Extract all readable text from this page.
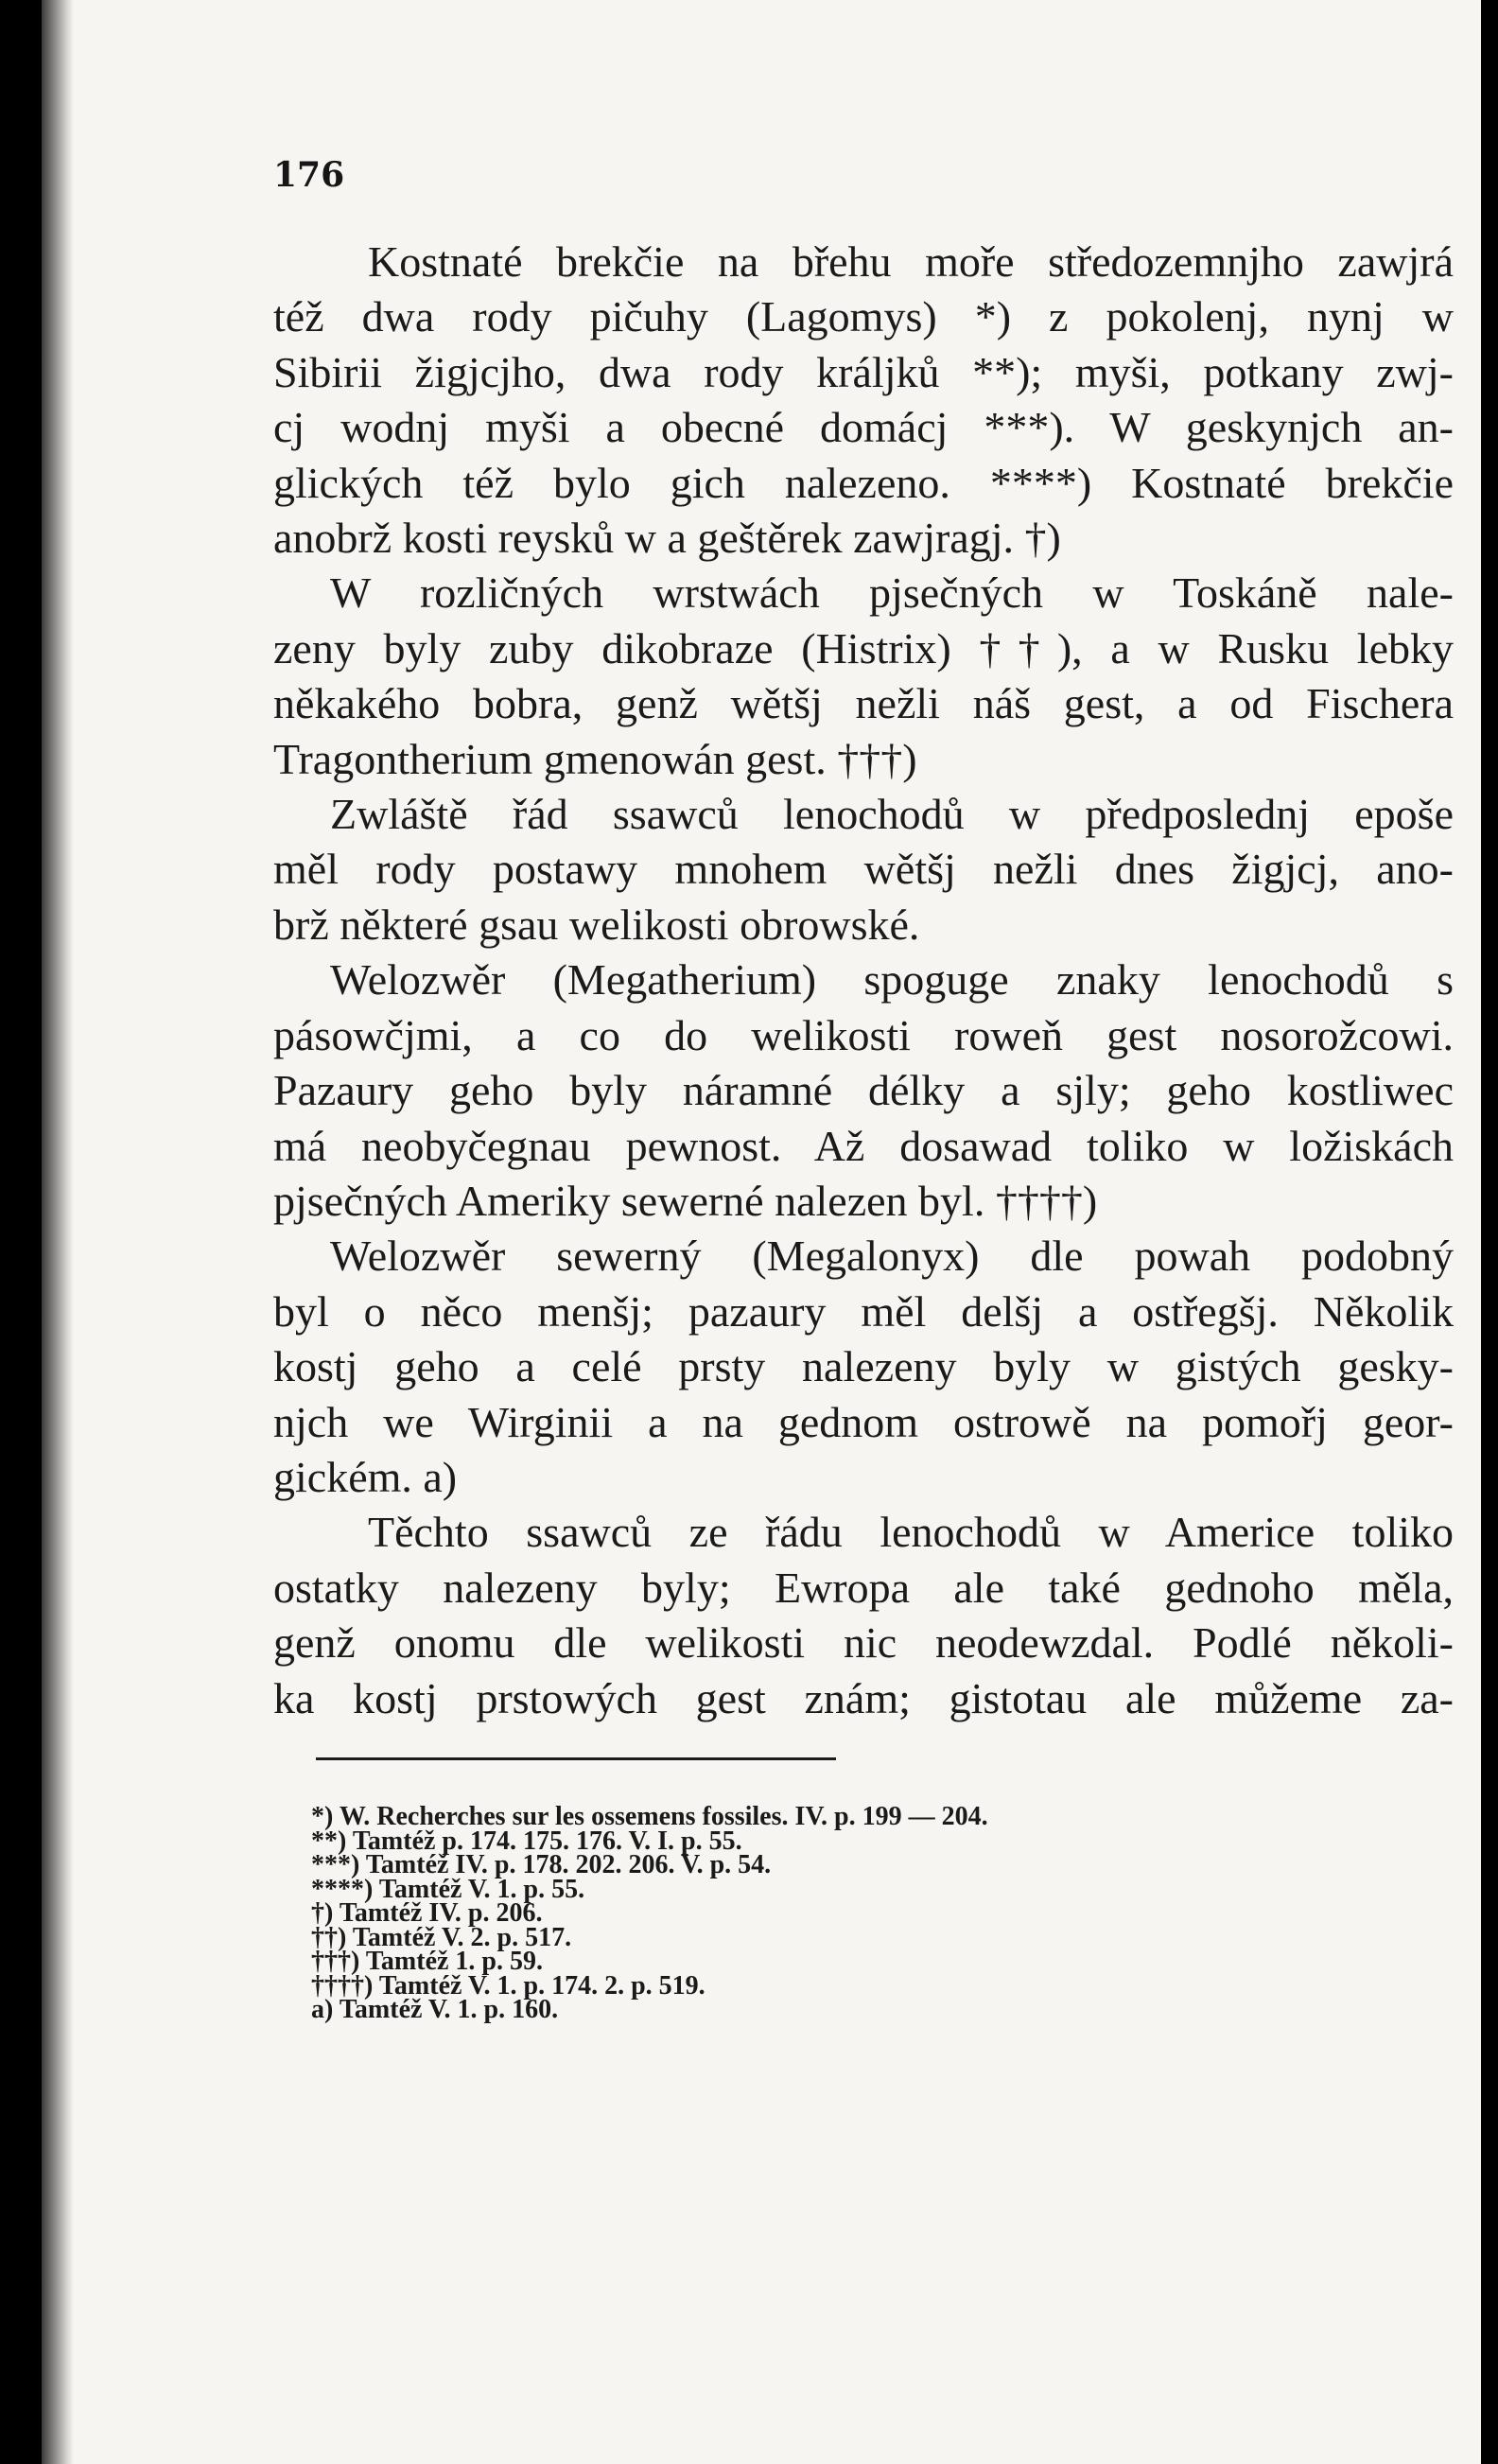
176
Kostnaté brekčie na břehu moře středozemnjho zawjrá
též dwa rody pičuhy (Lagomys) *) z pokolenj, nynj w
Sibirii žigjcjho, dwa rody králjků **); myši, potkany zwj-
cj wodnj myši a obecné domácj ***). W geskynjch an-
glických též bylo gich nalezeno. ****) Kostnaté brekčie
anobrž kosti reysků w a geštěrek zawjragj. †)
W rozličných wrstwách pjsečných w Toskáně nale-
zeny byly zuby dikobraze (Histrix) ††), a w Rusku lebky
někakého bobra, genž wětšj nežli náš gest, a od Fischera
Tragontherium gmenowán gest. †††)
Zwláště řád ssawců lenochodů w předposlednj epoše
měl rody postawy mnohem wětšj nežli dnes žigjcj, ano-
brž některé gsau welikosti obrowské.
Welozwěr (Megatherium) spoguge znaky lenochodů s
pásowčjmi, a co do welikosti roweň gest nosorožcowi.
Pazaury geho byly náramné délky a sjly; geho kostliwec
má neobyčegnau pewnost. Až dosawad toliko w ložiskách
pjsečných Ameriky sewerné nalezen byl. ††††)
Welozwěr sewerný (Megalonyx) dle powah podobný
byl o něco menšj; pazaury měl delšj a ostřegšj. Několik
kostj geho a celé prsty nalezeny byly w gistých gesky-
njch we Wirginii a na gednom ostrowě na pomořj geor-
gickém. a)
Těchto ssawců ze řádu lenochodů w Americe toliko
ostatky nalezeny byly; Ewropa ale také gednoho měla,
genž onomu dle welikosti nic neodewzdal. Podlé několi-
ka kostj prstowých gest znám; gistotau ale můžeme za-
*) W. Recherches sur les ossemens fossiles. IV. p. 199 — 204.
**) Tamtéž p. 174. 175. 176. V. I. p. 55.
***) Tamtéž IV. p. 178. 202. 206. V. p. 54.
****) Tamtéž V. 1. p. 55.
†) Tamtéž IV. p. 206.
††) Tamtéž V. 2. p. 517.
†††) Tamtéž 1. p. 59.
††††) Tamtéž V. 1. p. 174. 2. p. 519.
a) Tamtéž V. 1. p. 160.
